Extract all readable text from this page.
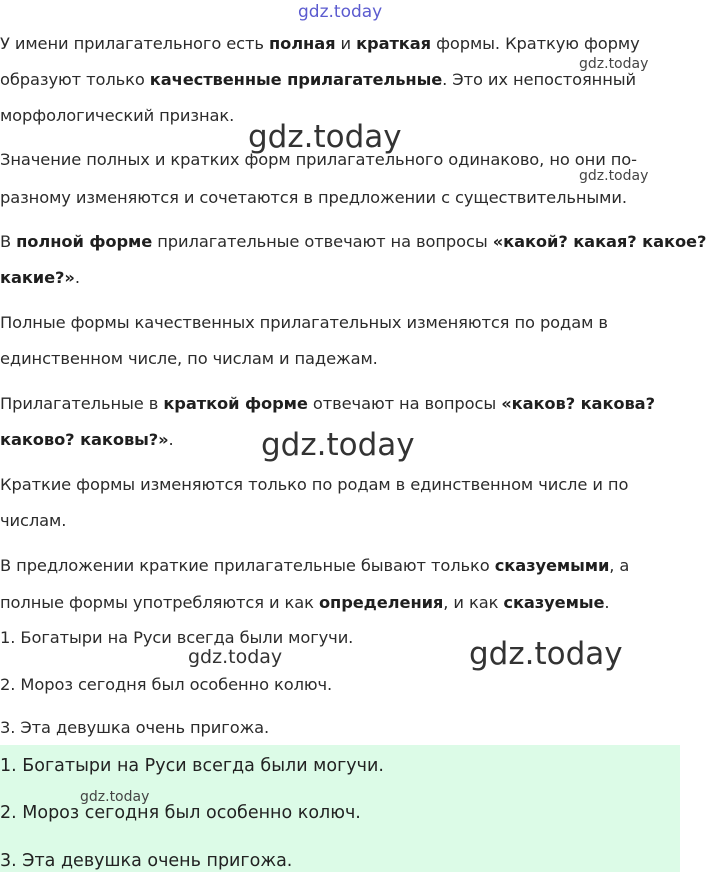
gdz.today
У имени прилагательного есть полная и краткая формы. Краткую форму
образуют только качественные прилагательные. Это их непостоянный
морфологический признак.
Значение полных и кратких форм прилагательного одинаково, но они по-
разному изменяются и сочетаются в предложении с существительными.
В полной форме прилагательные отвечают на вопросы «какой? какая? какое?
какие?».
Полные формы качественных прилагательных изменяются по родам в
единственном числе, по числам и падежам.
Прилагательные в краткой форме отвечают на вопросы «каков? какова?
каково? каковы?».
Краткие формы изменяются только по родам в единственном числе и по
числам.
В предложении краткие прилагательные бывают только сказуемыми, а
полные формы употребляются и как определения, и как сказуемые.
1. Богатыри на Руси всегда были могучи.
2. Мороз сегодня был особенно колюч.
3. Эта девушка очень пригожа.
1. Богатыри на Руси всегда были могучи.
2. Мороз сегодня был особенно колюч.
3. Эта девушка очень пригожа.
gdz.today
gdz.today
gdz.today
gdz.today
gdz.today	gdz.today
gdz.today
